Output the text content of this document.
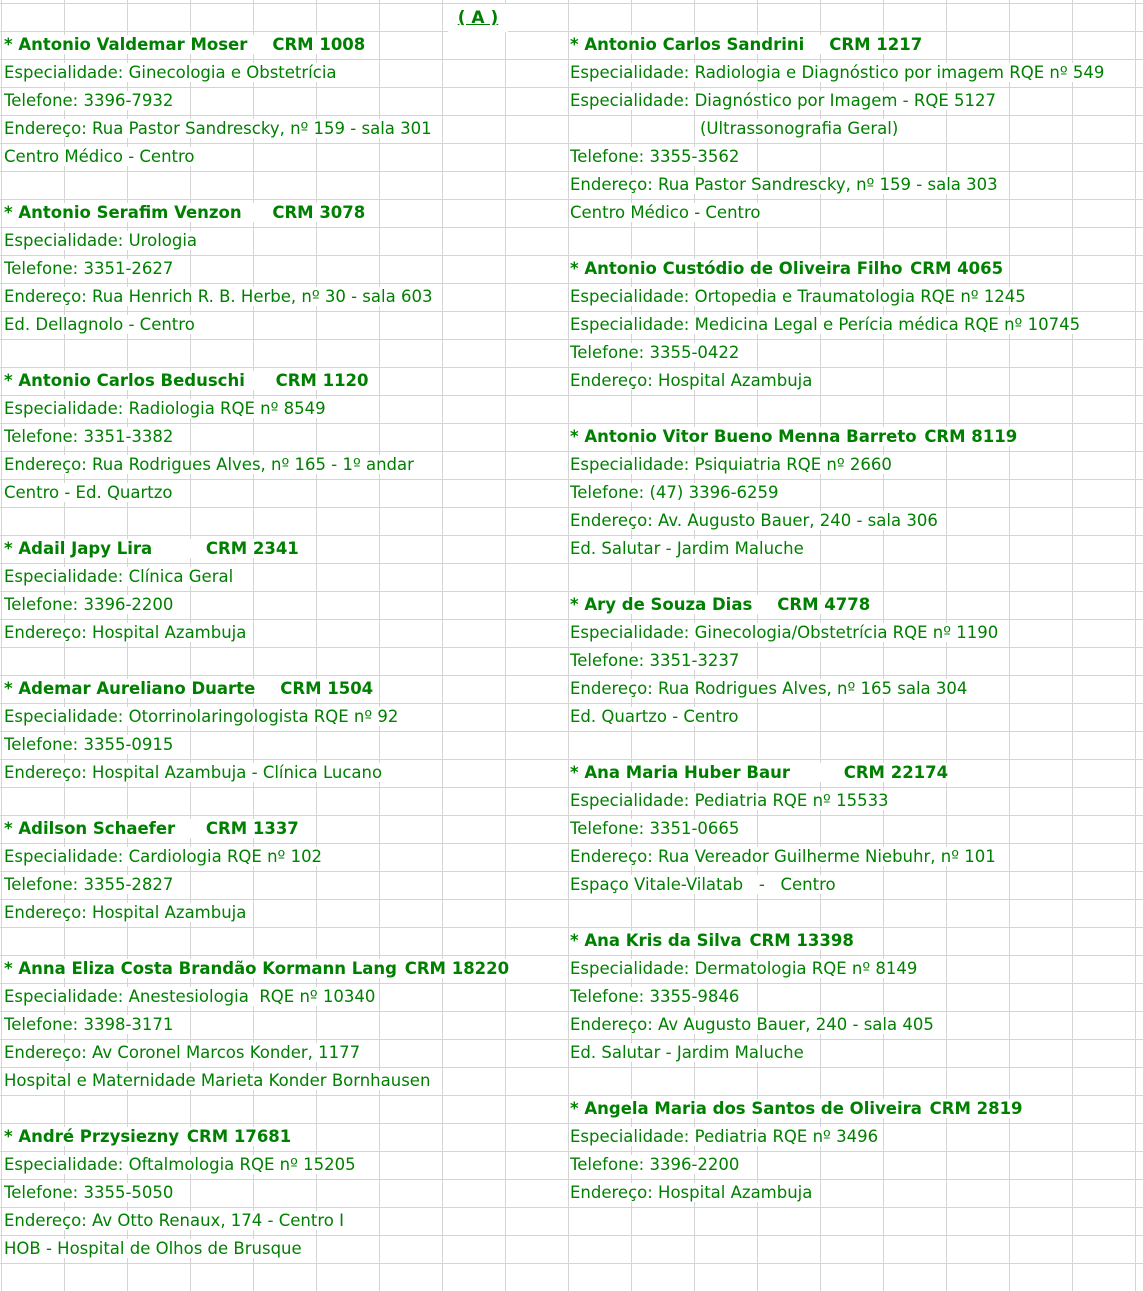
( A )
* Antonio Valdemar Moser CRM 1008
Especialidade: Ginecologia e Obstetrícia
Telefone: 3396-7932
Endereço: Rua Pastor Sandrescky, nº 159 - sala 301
Centro Médico - Centro
* Antonio Serafim Venzon CRM 3078
Especialidade: Urologia
Telefone: 3351-2627
Endereço: Rua Henrich R. B. Herbe, nº 30 - sala 603
Ed. Dellagnolo - Centro
* Antonio Carlos Beduschi CRM 1120
Especialidade: Radiologia RQE nº 8549
Telefone: 3351-3382
Endereço: Rua Rodrigues Alves, nº 165 - 1º andar
Centro - Ed. Quartzo
* Adail Japy Lira	CRM 2341
Especialidade: Clínica Geral
Telefone: 3396-2200
Endereço: Hospital Azambuja
* Ademar Aureliano Duarte CRM 1504
Especialidade: Otorrinolaringologista RQE nº 92
Telefone: 3355-0915
Endereço: Hospital Azambuja - Clínica Lucano
* Adilson Schaefer CRM 1337
Especialidade: Cardiologia RQE nº 102
Telefone: 3355-2827
Endereço: Hospital Azambuja
* Anna Eliza Costa Brandão Kormann Lang CRM 18220
Especialidade: Anestesiologia  RQE nº 10340
Telefone: 3398-3171
Endereço: Av Coronel Marcos Konder, 1177
Hospital e Maternidade Marieta Konder Bornhausen
* André Przysiezny CRM 17681
Especialidade: Oftalmologia RQE nº 15205
Telefone: 3355-5050
Endereço: Av Otto Renaux, 174 - Centro I
HOB - Hospital de Olhos de Brusque
* Antonio Carlos Sandrini CRM 1217
Especialidade: Radiologia e Diagnóstico por imagem RQE nº 549
Especialidade: Diagnóstico por Imagem - RQE 5127
(Ultrassonografia Geral)
Telefone: 3355-3562
Endereço: Rua Pastor Sandrescky, nº 159 - sala 303
Centro Médico - Centro
* Antonio Custódio de Oliveira Filho CRM 4065
Especialidade: Ortopedia e Traumatologia RQE nº 1245
Especialidade: Medicina Legal e Perícia médica RQE nº 10745
Telefone: 3355-0422
Endereço: Hospital Azambuja
* Antonio Vitor Bueno Menna Barreto CRM 8119
Especialidade: Psiquiatria RQE nº 2660
Telefone: (47) 3396-6259
Endereço: Av. Augusto Bauer, 240 - sala 306
Ed. Salutar - Jardim Maluche
* Ary de Souza Dias CRM 4778
Especialidade: Ginecologia/Obstetrícia RQE nº 1190
Telefone: 3351-3237
Endereço: Rua Rodrigues Alves, nº 165 sala 304
Ed. Quartzo - Centro
* Ana Maria Huber Baur	CRM 22174
Especialidade: Pediatria RQE nº 15533
Telefone: 3351-0665
Endereço: Rua Vereador Guilherme Niebuhr, nº 101
Espaço Vitale-Vilatab   -   Centro
* Ana Kris da Silva CRM 13398
Especialidade: Dermatologia RQE nº 8149
Telefone: 3355-9846
Endereço: Av Augusto Bauer, 240 - sala 405
Ed. Salutar - Jardim Maluche
* Angela Maria dos Santos de Oliveira CRM 2819
Especialidade: Pediatria RQE nº 3496
Telefone: 3396-2200
Endereço: Hospital Azambuja
